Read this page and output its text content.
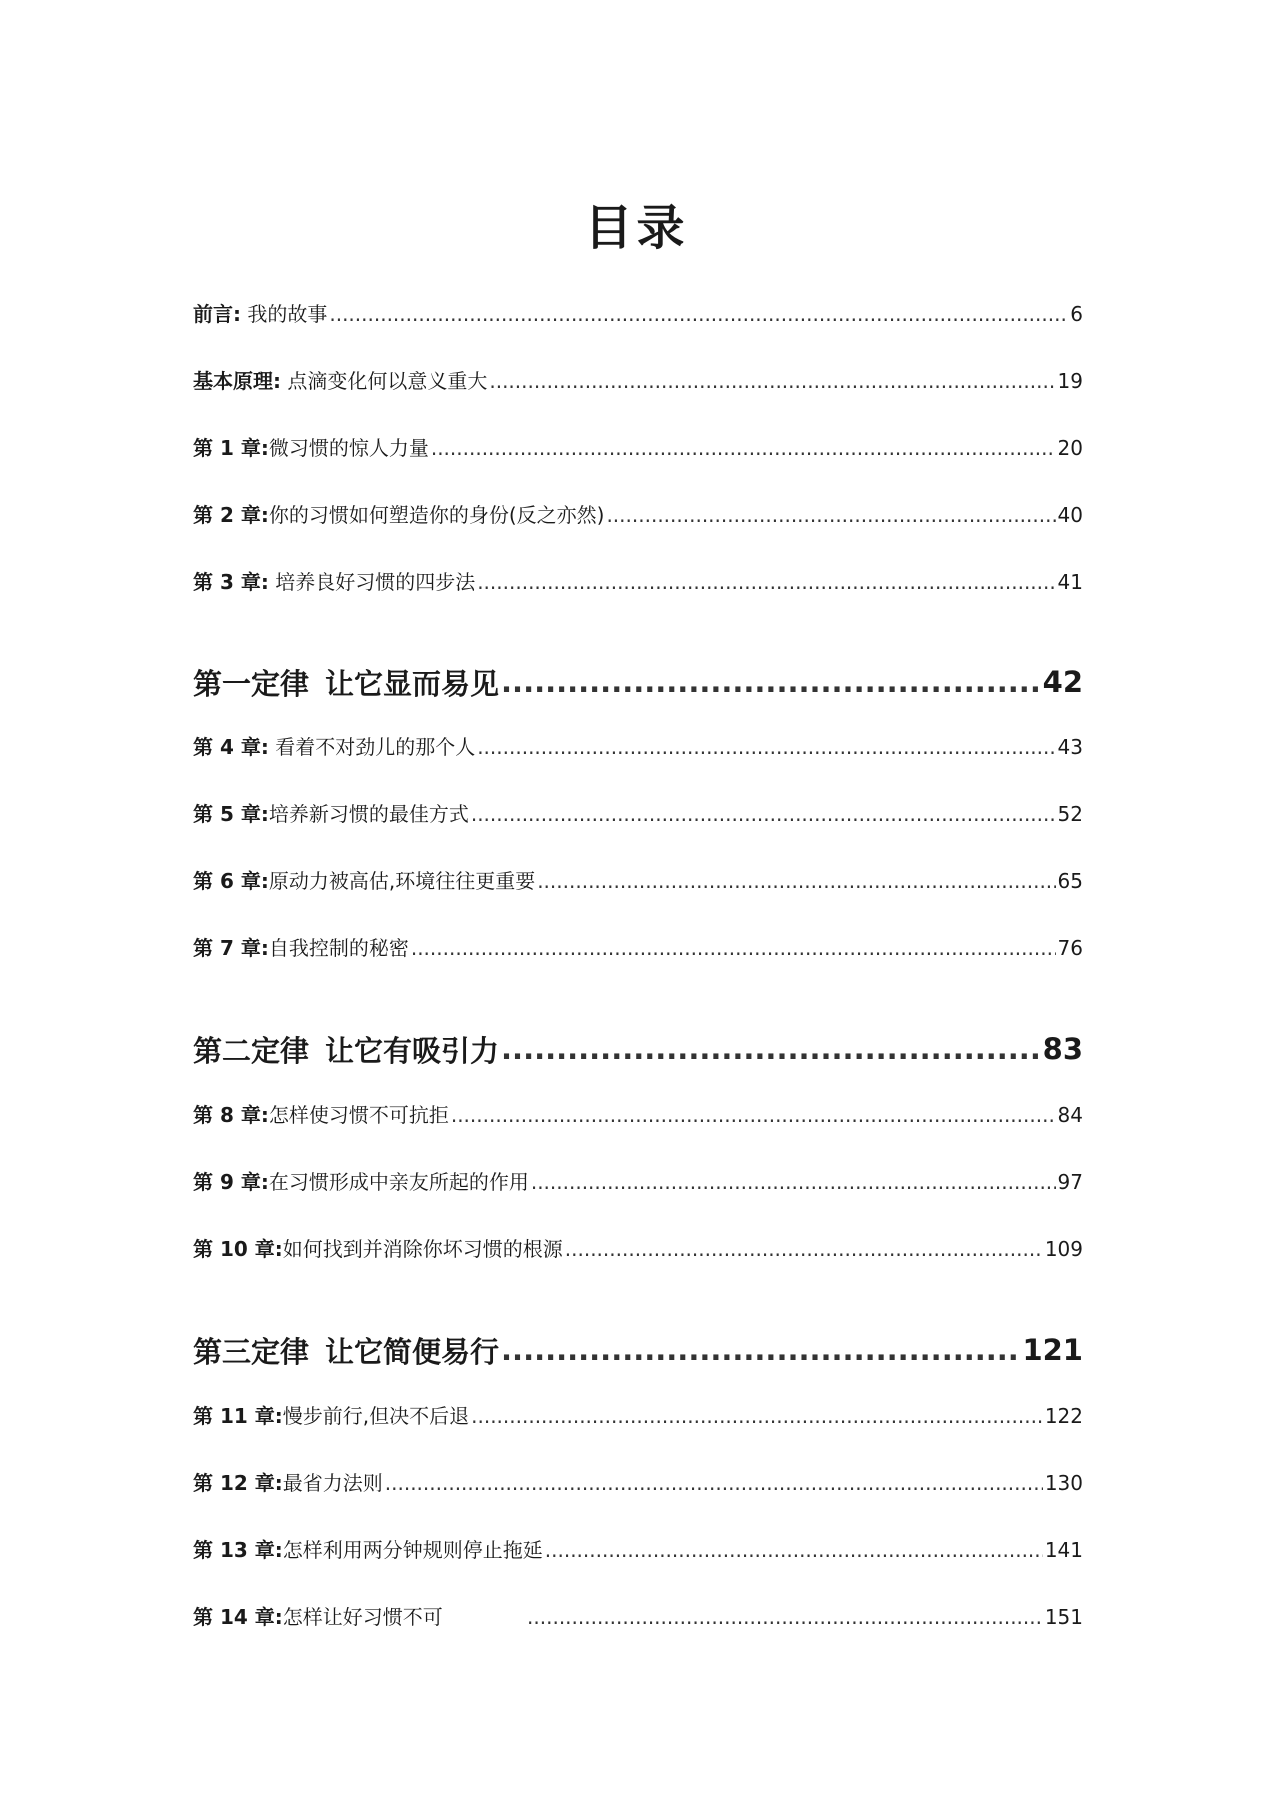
目录
前言: 我的故事 .....	6
基本原理: 点滴变化何以意义重大 .....	19
第 1 章:微习惯的惊人力量 .....	20
第 2 章:你的习惯如何塑造你的身份(反之亦然) .....	40
第 3 章: 培养良好习惯的四步法 .....	41
第一定律 让它显而易见 .....	42
第 4 章: 看着不对劲儿的那个人 .....	43
第 5 章:培养新习惯的最佳方式 .....	52
第 6 章:原动力被高估,环境往往更重要 .....	65
第 7 章:自我控制的秘密 .....	76
第二定律 让它有吸引力 .....	83
第 8 章:怎样使习惯不可抗拒 .....	84
第 9 章:在习惯形成中亲友所起的作用 .....	97
第 10 章:如何找到并消除你坏习惯的根源 .....	109
第三定律 让它简便易行 .....	121
第 11 章:慢步前行,但决不后退 .....	122
第 12 章:最省力法则 .....	130
第 13 章:怎样利用两分钟规则停止拖延 .....	141
第 14 章:怎样让好习惯不可 .....	151
